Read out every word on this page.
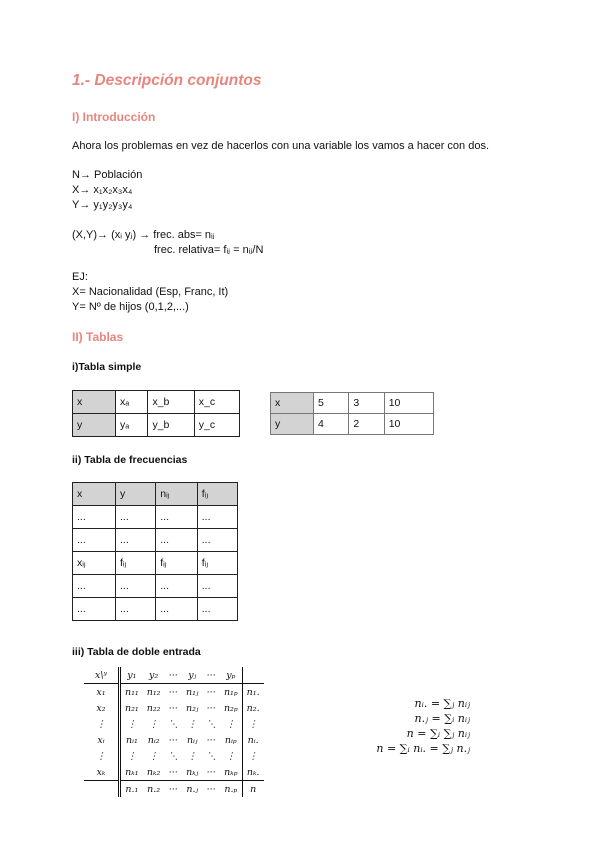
1.- Descripción conjuntos
I) Introducción
Ahora los problemas en vez de hacerlos con una variable los vamos a hacer con dos.
N→ Población
X→ x₁x₂x₃x₄
Y→ y₁y₂y₃y₄
(X,Y)→ (xᵢ yⱼ) → frec. abs= nᵢⱼ
frec. relativa= fᵢⱼ = nᵢⱼ/N
EJ:
X= Nacionalidad (Esp, Franc, It)
Y= Nº de hijos (0,1,2,...)
II) Tablas
i)Tabla simple
x	xₐ	x_b	x_c
y	yₐ	y_b	y_c
x	5	3	10
y	4	2	10
ii) Tabla de frecuencias
x	y	nᵢⱼ	fᵢⱼ
...	...	...	...
...	...	...	...
xᵢⱼ	fᵢⱼ	fᵢⱼ	fᵢⱼ
...	...	...	...
...	...	...	...
iii) Tabla de doble entrada
x\ʸ	y₁	y₂	···	yⱼ	···	yₚ	
x₁	n₁₁	n₁₂	···	n₁ⱼ	···	n₁ₚ	n₁.
x₂	n₂₁	n₂₂	···	n₂ⱼ	···	n₂ₚ	n₂.
⋮	⋮	⋮	⋱	⋮	⋱	⋮	⋮
xᵢ	nᵢ₁	nᵢ₂	···	nᵢⱼ	···	nᵢₚ	nᵢ.
⋮	⋮	⋮	⋱	⋮	⋱	⋮	⋮
xₖ	nₖ₁	nₖ₂	···	nₖⱼ	···	nₖₚ	nₖ.
	n.₁	n.₂	···	n.ⱼ	···	n.ₚ	n
nᵢ. = ∑ⱼ nᵢⱼ
n.ⱼ = ∑ᵢ nᵢⱼ
n = ∑ᵢ ∑ⱼ nᵢⱼ
n = ∑ᵢ nᵢ. = ∑ⱼ n.ⱼ
